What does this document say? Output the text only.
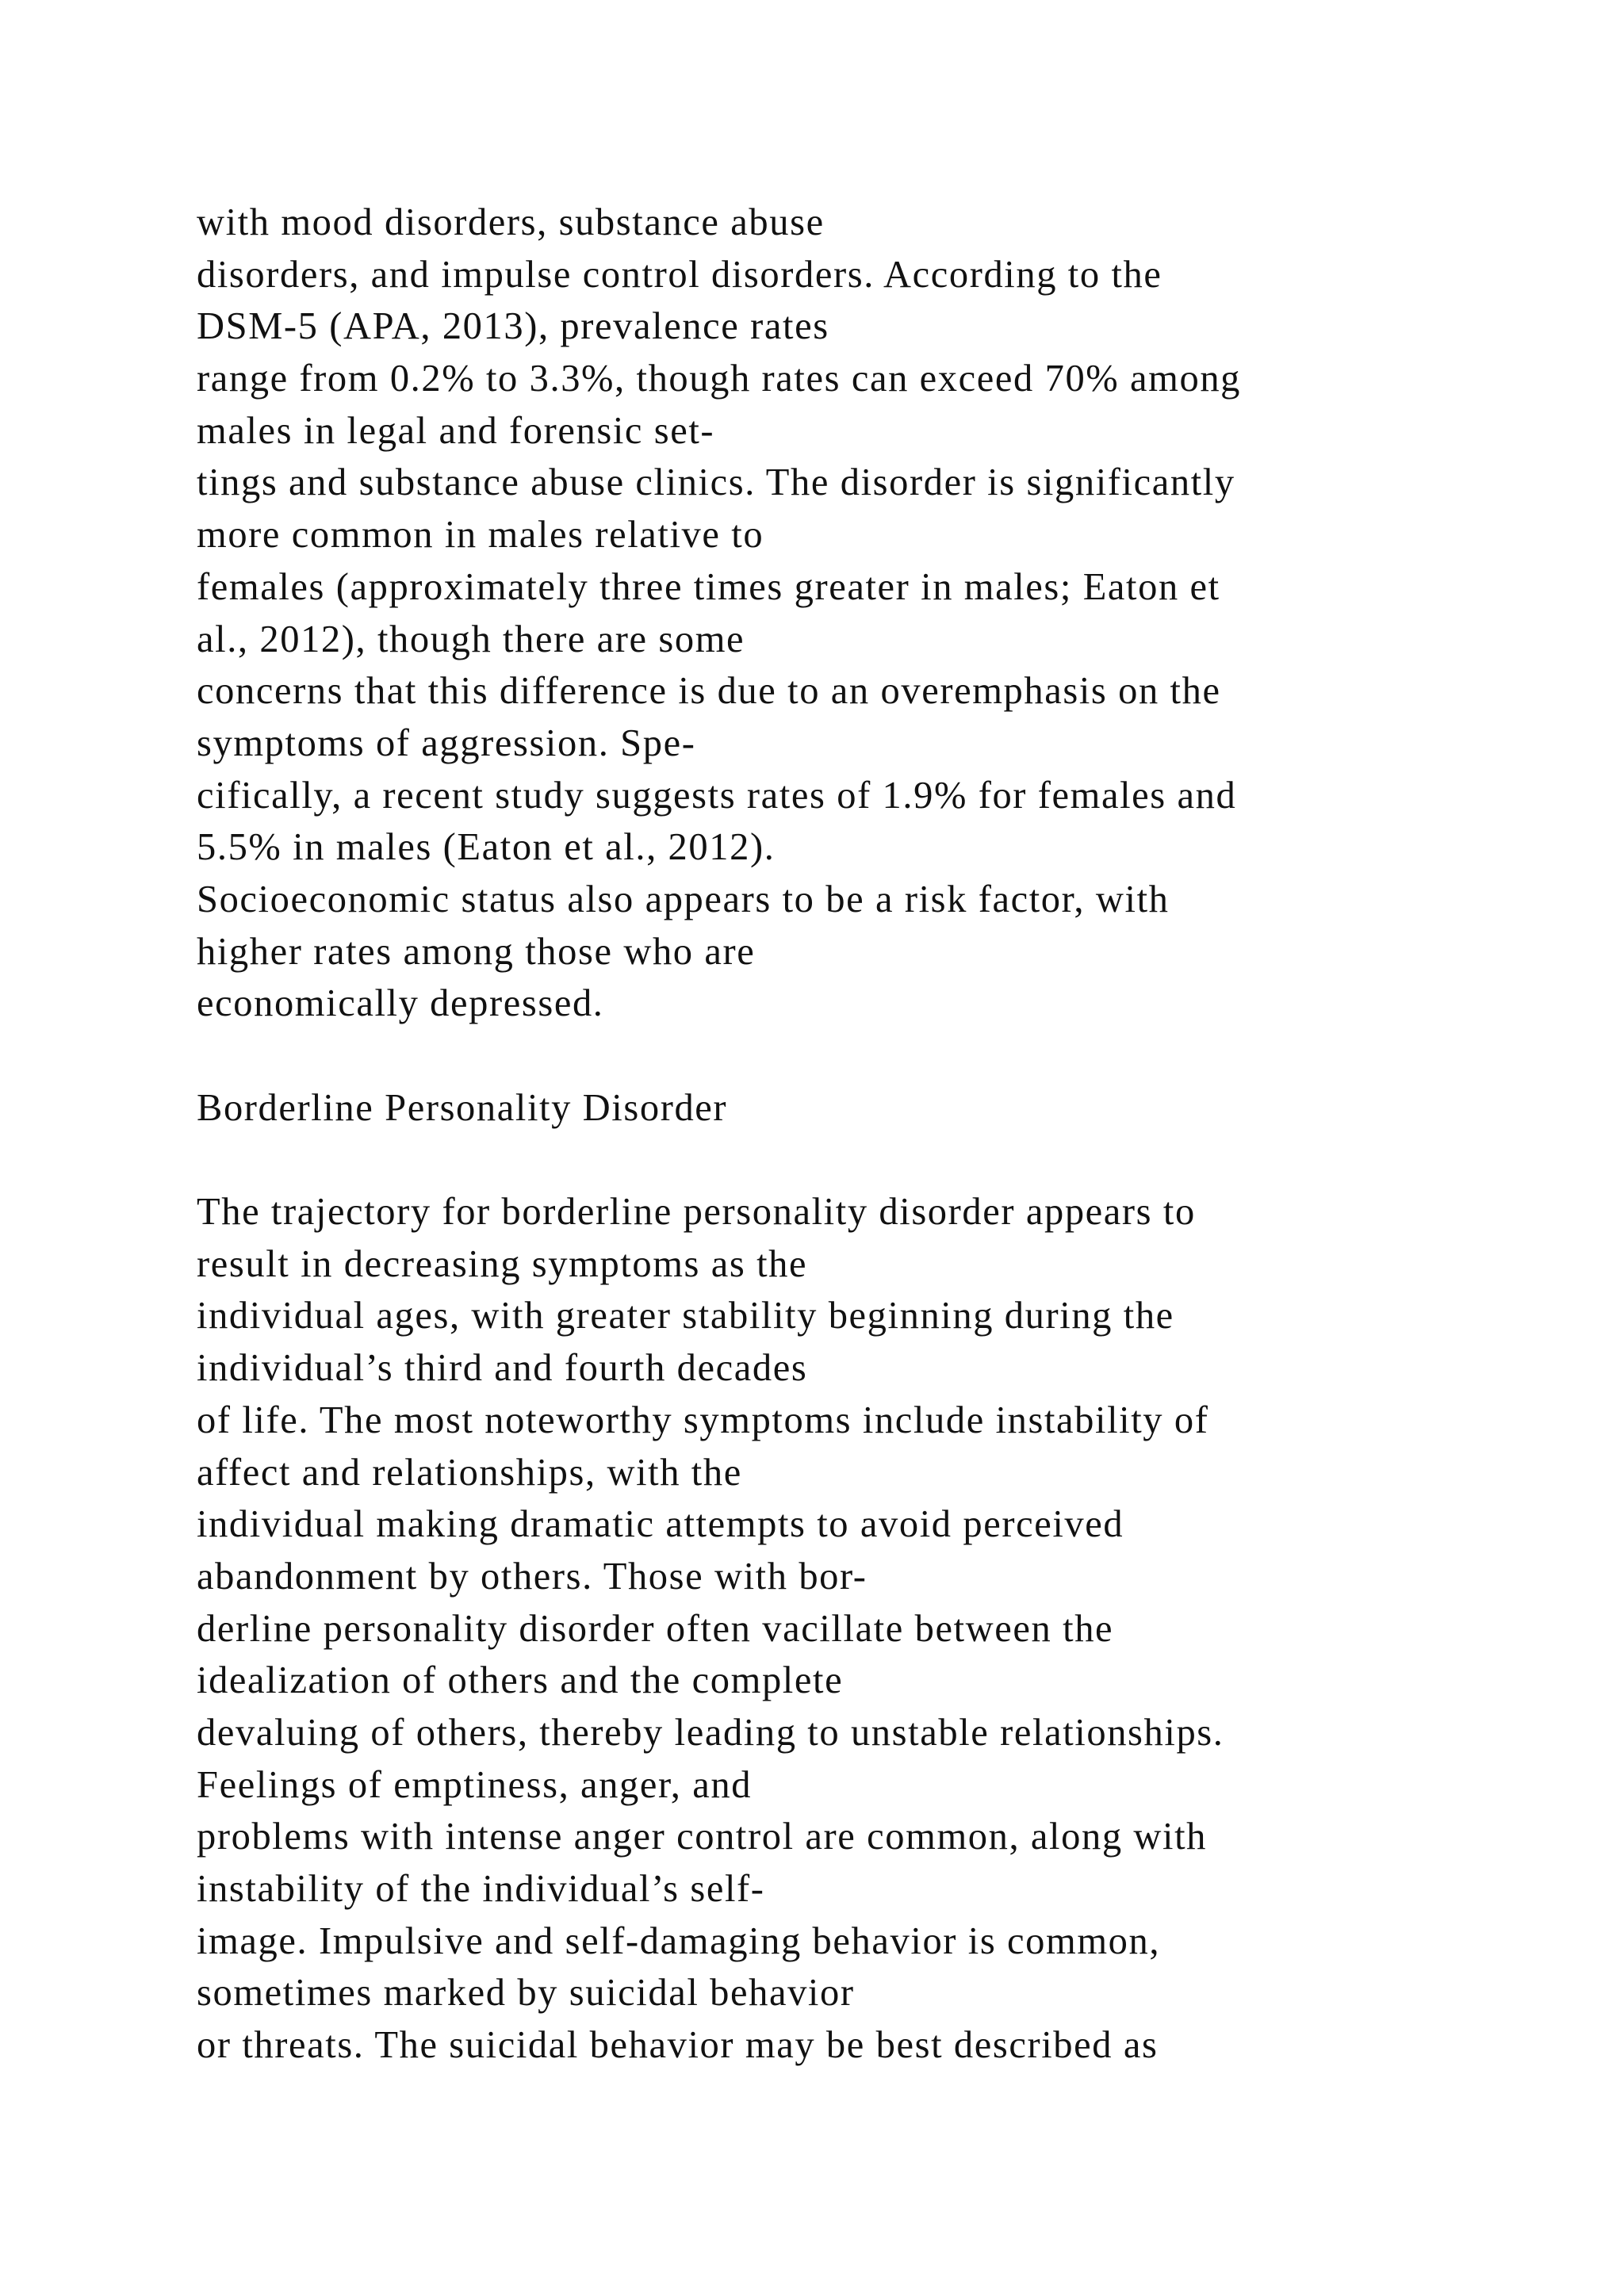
with mood disorders, substance abuse
disorders, and impulse control disorders. According to the
DSM-5 (APA, 2013), prevalence rates
range from 0.2% to 3.3%, though rates can exceed 70% among
males in legal and forensic set-
tings and substance abuse clinics. The disorder is significantly
more common in males relative to
females (approximately three times greater in males; Eaton et
al., 2012), though there are some
concerns that this difference is due to an overemphasis on the
symptoms of aggression. Spe-
cifically, a recent study suggests rates of 1.9% for females and
5.5% in males (Eaton et al., 2012).
Socioeconomic status also appears to be a risk factor, with
higher rates among those who are
economically depressed.
Borderline Personality Disorder
The trajectory for borderline personality disorder appears to
result in decreasing symptoms as the
individual ages, with greater stability beginning during the
individual’s third and fourth decades
of life. The most noteworthy symptoms include instability of
affect and relationships, with the
individual making dramatic attempts to avoid perceived
abandonment by others. Those with bor-
derline personality disorder often vacillate between the
idealization of others and the complete
devaluing of others, thereby leading to unstable relationships.
Feelings of emptiness, anger, and
problems with intense anger control are common, along with
instability of the individual’s self-
image. Impulsive and self-damaging behavior is common,
sometimes marked by suicidal behavior
or threats. The suicidal behavior may be best described as
